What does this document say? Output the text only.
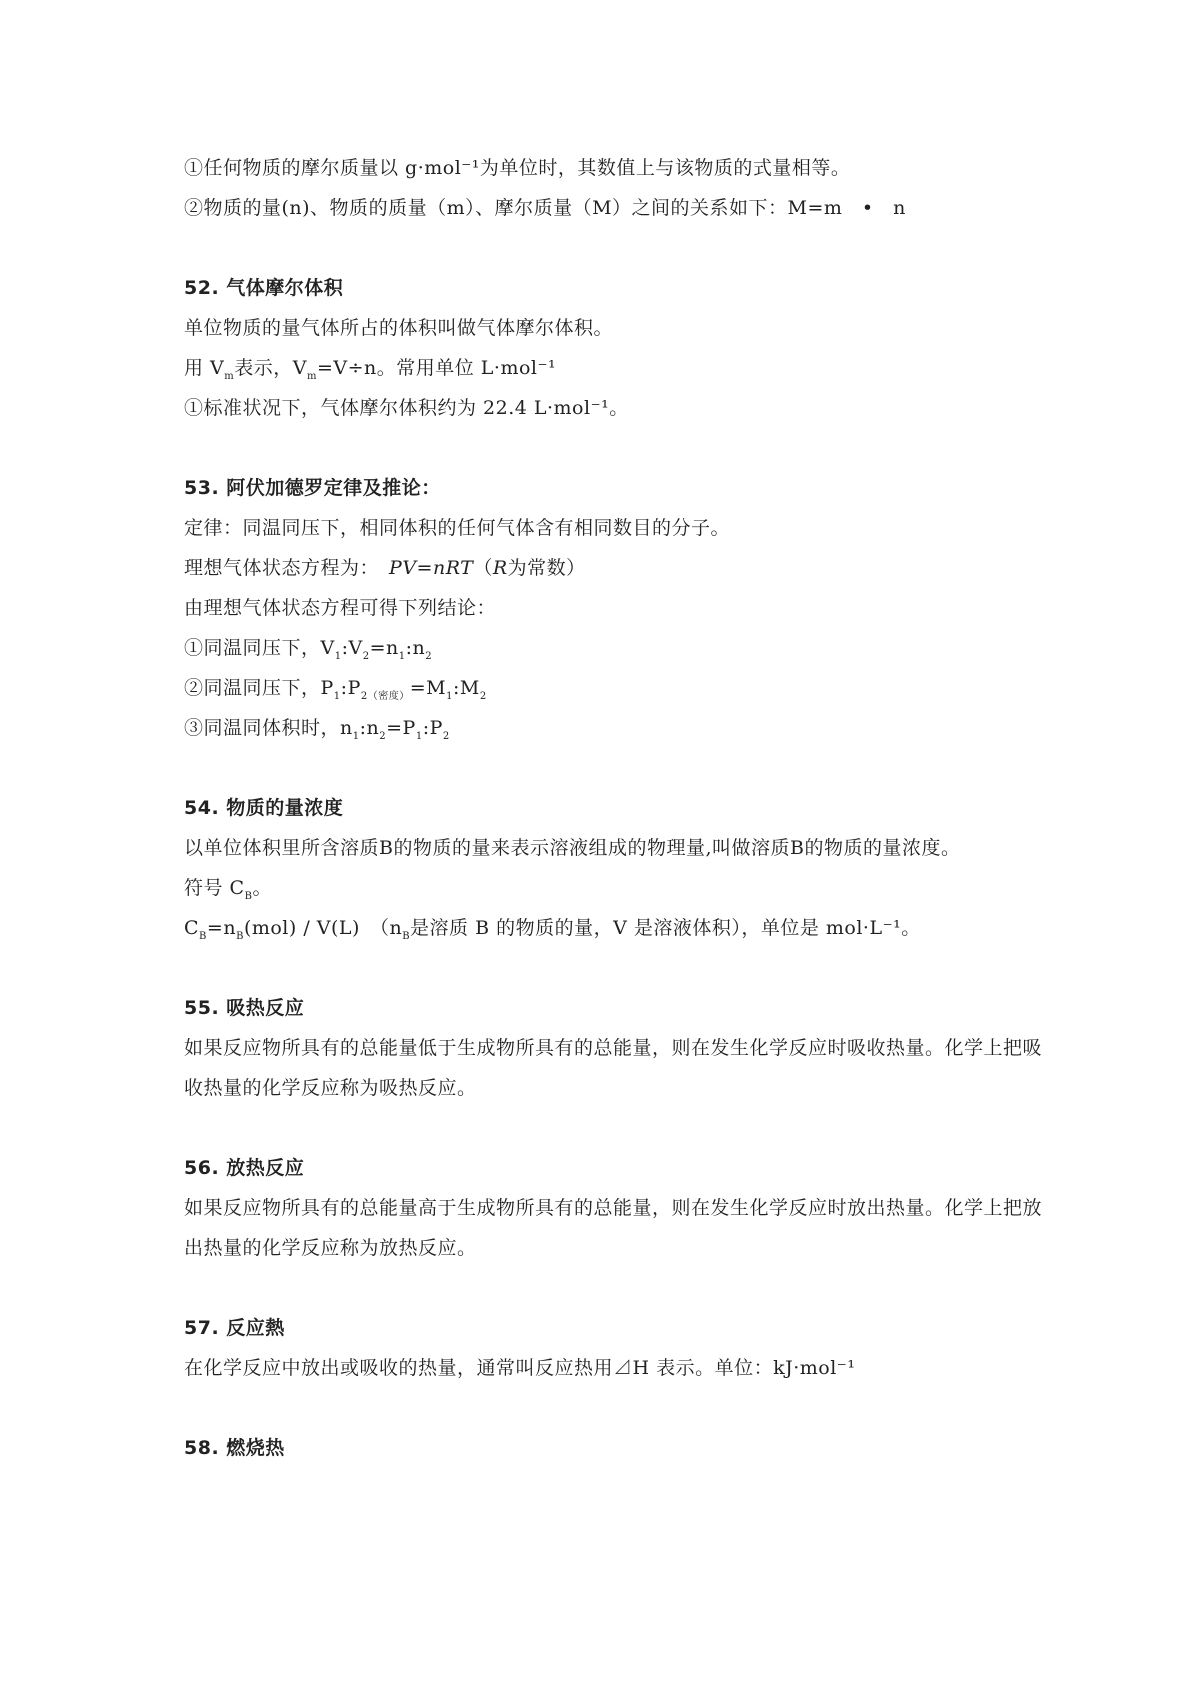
①任何物质的摩尔质量以 g·mol⁻¹为单位时，其数值上与该物质的式量相等。
②物质的量(n)、物质的质量（m）、摩尔质量（M）之间的关系如下：M=m　•　n
52. 气体摩尔体积
单位物质的量气体所占的体积叫做气体摩尔体积。
用 $V_m$表示，$V_m=V\div n$。常用单位 L·mol⁻¹
①标准状况下，气体摩尔体积约为 22.4 L·mol⁻¹。
53. 阿伏加德罗定律及推论：
定律：同温同压下，相同体积的任何气体含有相同数目的分子。
理想气体状态方程为：　 PV=nRT（R为常数）
由理想气体状态方程可得下列结论：
①同温同压下，$V_1:V_2=n_1:n_2$
②同温同压下，$P_1:P_{2(密度)}=M_1:M_2$
③同温同体积时，$n_1:n_2=P_1:P_2$
54. 物质的量浓度
以单位体积里所含溶质B的物质的量来表示溶液组成的物理量,叫做溶质B的物质的量浓度。
符号 $C_B$。
$C_B=n_B(mol) / V(L)$　（$n_B$是溶质 B 的物质的量，V 是溶液体积），单位是 mol·L⁻¹。
55. 吸热反应
如果反应物所具有的总能量低于生成物所具有的总能量，则在发生化学反应时吸收热量。化学上把吸收热量的化学反应称为吸热反应。
56. 放热反应
如果反应物所具有的总能量高于生成物所具有的总能量，则在发生化学反应时放出热量。化学上把放出热量的化学反应称为放热反应。
57. 反应熱
在化学反应中放出或吸收的热量，通常叫反应热用⊿H 表示。单位：kJ·mol⁻¹
58. 燃烧热
